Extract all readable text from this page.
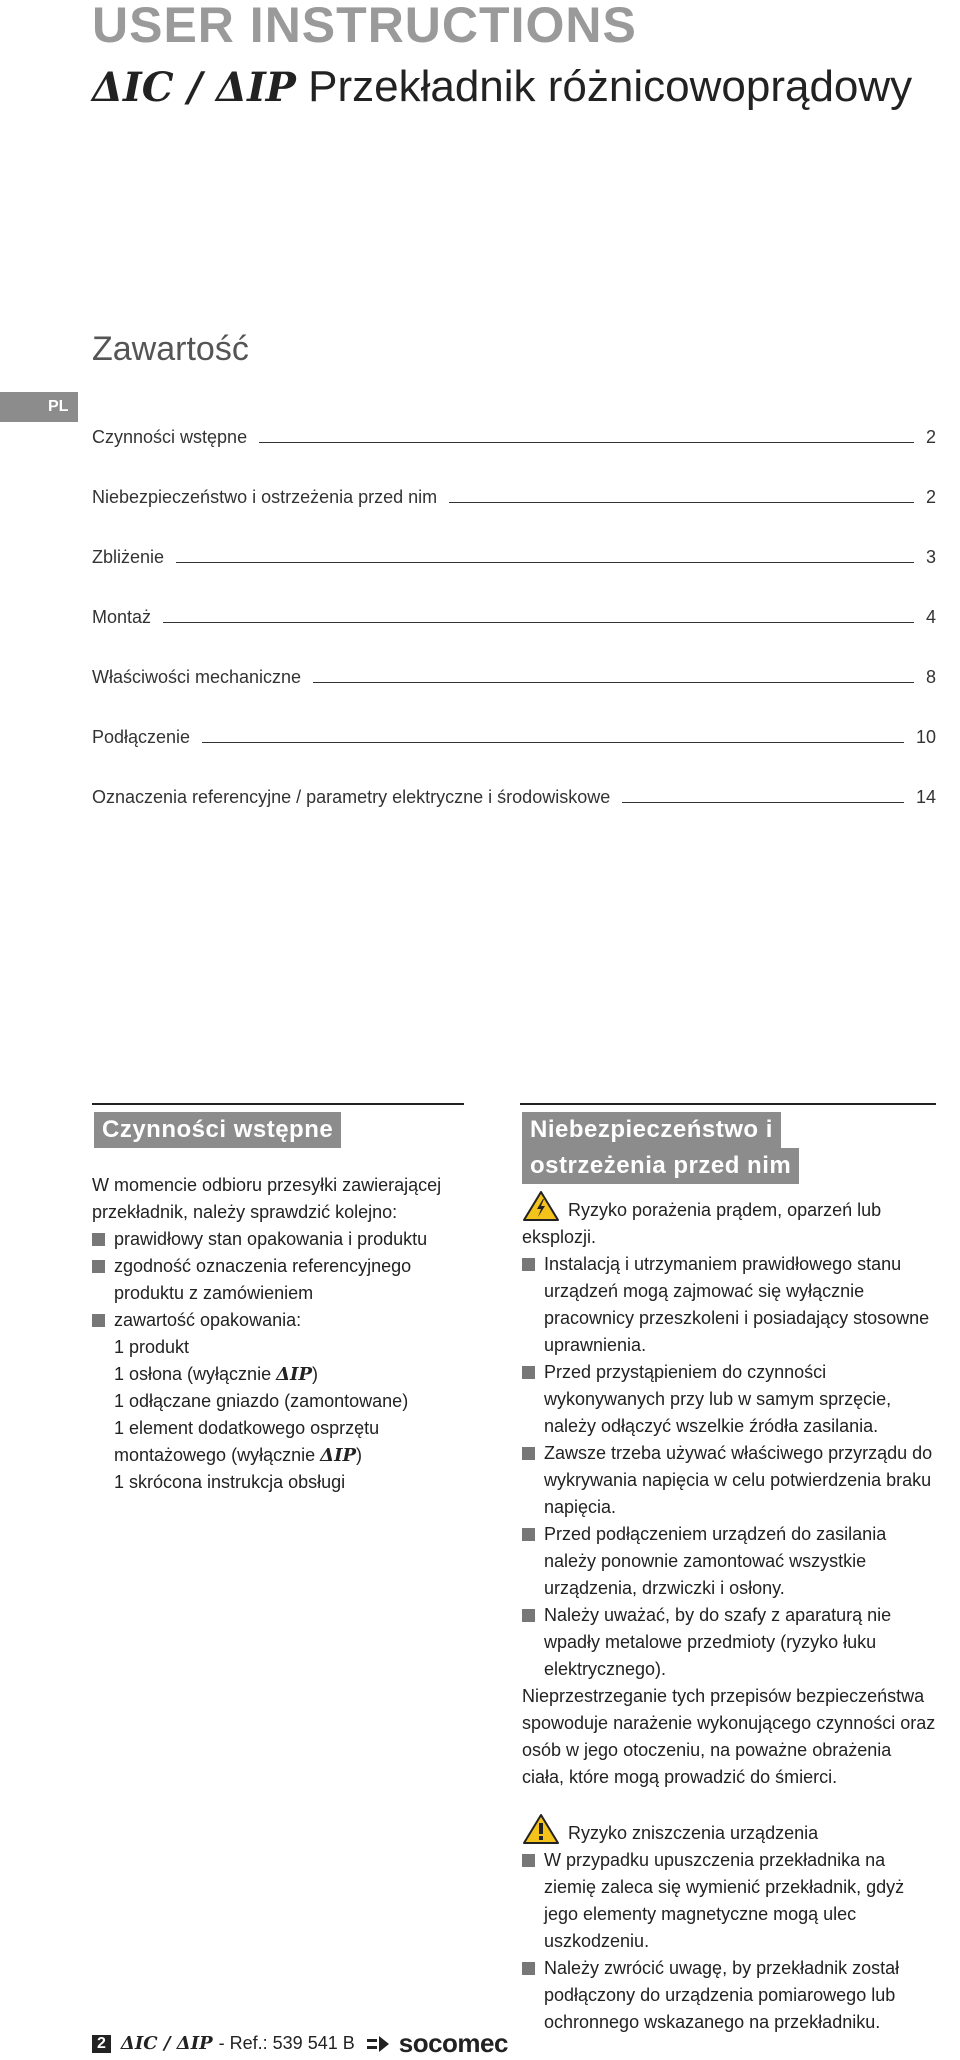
USER INSTRUCTIONS
ΔIC / ΔIP Przekładnik różnicowoprądowy
Zawartość
PL
Czynności wstępne	2
Niebezpieczeństwo i ostrzeżenia przed nim	2
Zbliżenie	3
Montaż	4
Właściwości mechaniczne	8
Podłączenie	10
Oznaczenia referencyjne / parametry elektryczne i środowiskowe	14
Czynności wstępne

W momencie odbioru przesyłki zawierającej przekładnik, należy sprawdzić kolejno:

prawidłowy stan opakowania i produktu

zgodność oznaczenia referencyjnego produktu z zamówieniem

zawartość opakowania:

1 produkt

1 osłona (wyłącznie ΔIP)

1 odłączane gniazdo (zamontowane)

1 element dodatkowego osprzętu montażowego (wyłącznie ΔIP)

1 skrócona instrukcja obsługi

Niebezpieczeństwo i
ostrzeżenia przed nim

Ryzyko porażenia prądem, oparzeń lub eksplozji.

Instalacją i utrzymaniem prawidłowego stanu urządzeń mogą zajmować się wyłącznie pracownicy przeszkoleni i posiadający stosowne uprawnienia.

Przed przystąpieniem do czynności wykonywanych przy lub w samym sprzęcie, należy odłączyć wszelkie źródła zasilania.

Zawsze trzeba używać właściwego przyrządu do wykrywania napięcia w celu potwierdzenia braku napięcia.

Przed podłączeniem urządzeń do zasilania należy ponownie zamontować wszystkie urządzenia, drzwiczki i osłony.

Należy uważać, by do szafy z aparaturą nie wpadły metalowe przedmioty (ryzyko łuku elektrycznego).

Nieprzestrzeganie tych przepisów bezpieczeństwa spowoduje narażenie wykonującego czynności oraz osób w jego otoczeniu, na poważne obrażenia ciała, które mogą prowadzić do śmierci.

Ryzyko zniszczenia urządzenia

W przypadku upuszczenia przekładnika na ziemię zaleca się wymienić przekładnik, gdyż jego elementy magnetyczne mogą ulec uszkodzeniu.

Należy zwrócić uwagę, by przekładnik został podłączony do urządzenia pomiarowego lub ochronnego wskazanego na przekładniku.

2 ΔIC / ΔIP - Ref.: 539 541 B socomec
